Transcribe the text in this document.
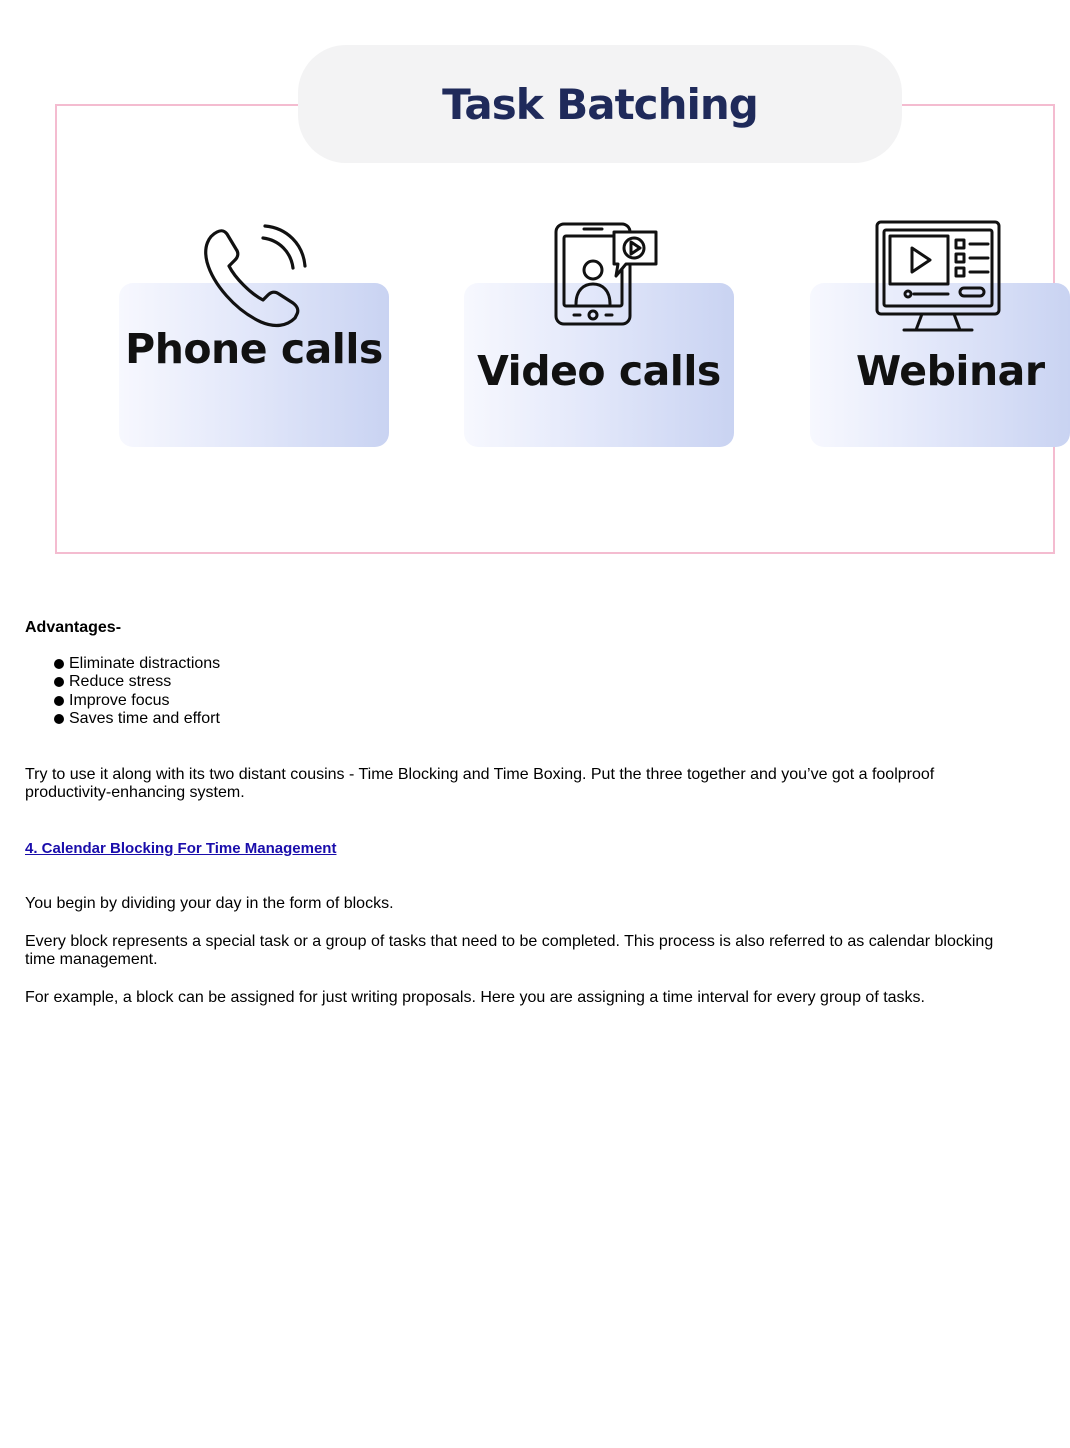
Task Batching
Phone calls Video calls	Webinar

Advantages-

Eliminate distractions
Reduce stress
Improve focus
Saves time and effort

Try to use it along with its two distant cousins - Time Blocking and Time Boxing. Put the three together and you’ve got a foolproof productivity-enhancing system.

4. Calendar Blocking For Time Management

You begin by dividing your day in the form of blocks.

Every block represents a special task or a group of tasks that need to be completed. This process is also referred to as calendar blocking time management.

For example, a block can be assigned for just writing proposals. Here you are assigning a time interval for every group of tasks.
